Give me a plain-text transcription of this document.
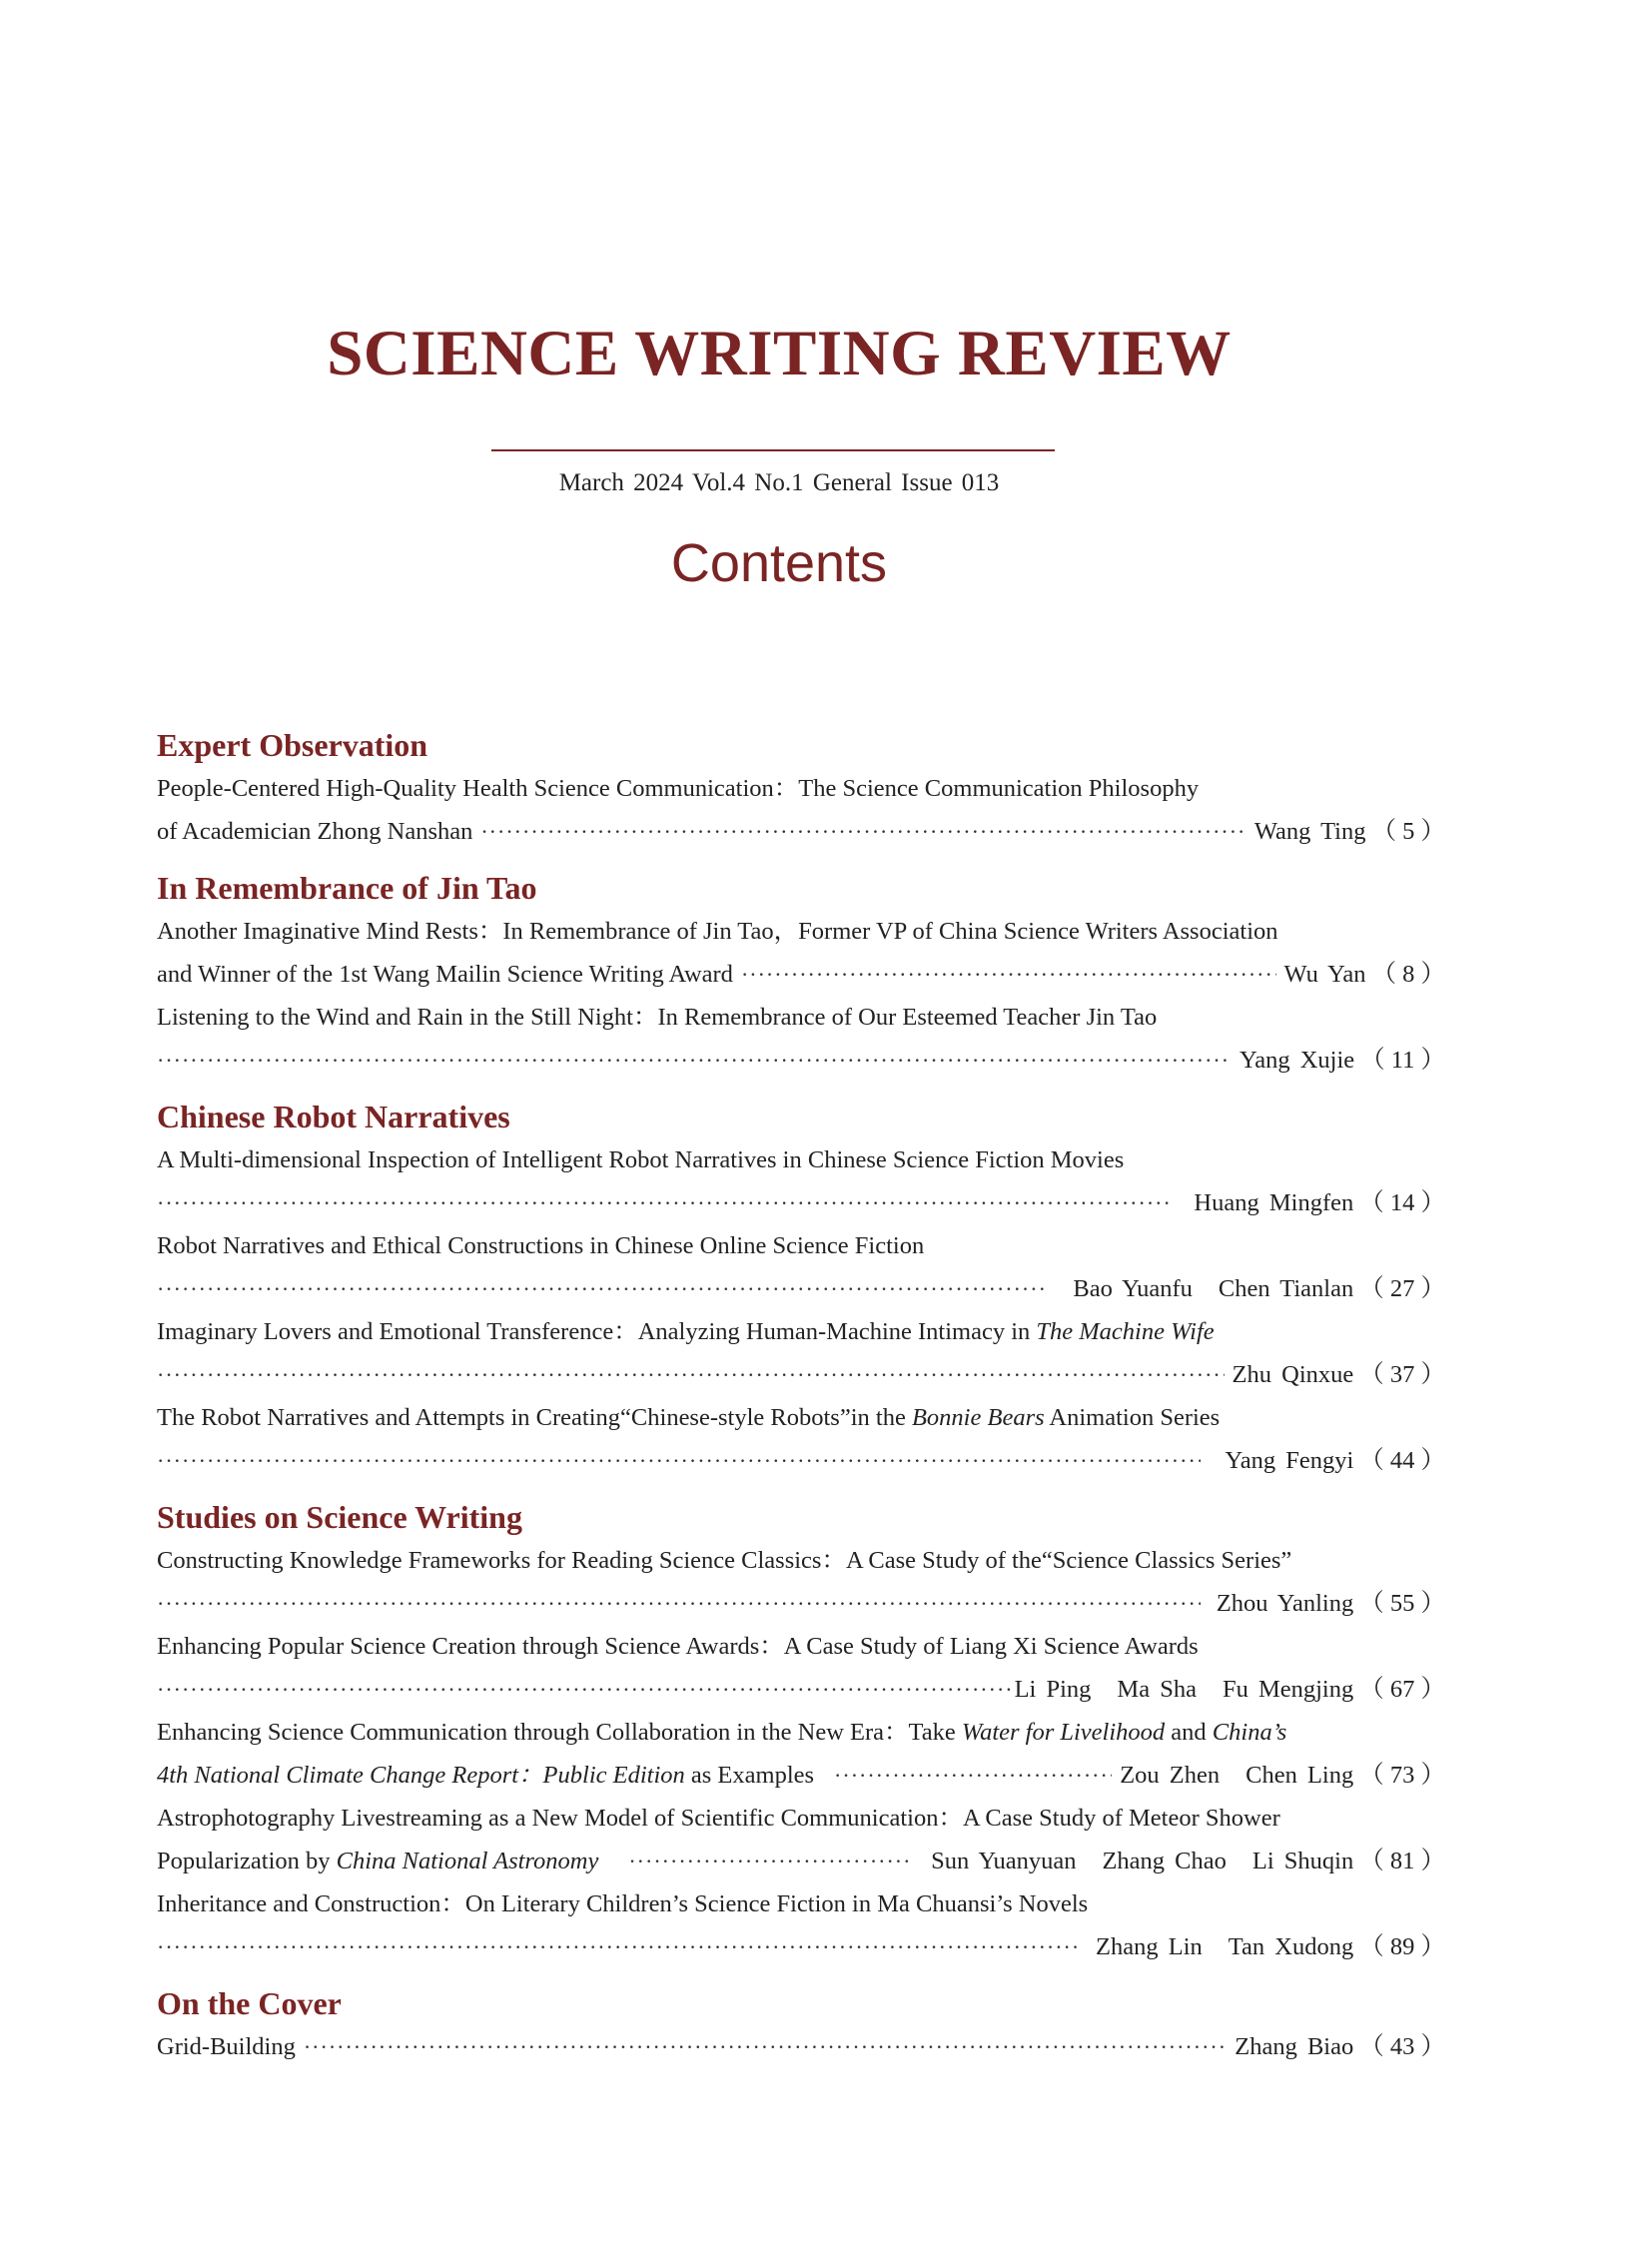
SCIENCE WRITING REVIEW
March 2024 Vol.4 No.1 General Issue 013
Contents
Expert Observation
People-Centered High-Quality Health Science Communication：The Science Communication Philosophy
of Academician Zhong Nanshan ·····	Wang Ting （ 5 ）
In Remembrance of Jin Tao
Another Imaginative Mind Rests：In Remembrance of Jin Tao，Former VP of China Science Writers Association
and Winner of the 1st Wang Mailin Science Writing Award ·····	Wu Yan （ 8 ）
Listening to the Wind and Rain in the Still Night：In Remembrance of Our Esteemed Teacher Jin Tao
·····
Yang Xujie （ 11 ）
Chinese Robot Narratives
A Multi-dimensional Inspection of Intelligent Robot Narratives in Chinese Science Fiction Movies
·····
Huang Mingfen （ 14 ）
Robot Narratives and Ethical Constructions in Chinese Online Science Fiction
·····
Bao Yuanfu Chen Tianlan （ 27 ）
Imaginary Lovers and Emotional Transference：Analyzing Human-Machine Intimacy in The Machine Wife
·····
Zhu Qinxue （ 37 ）
The Robot Narratives and Attempts in Creating“Chinese-style Robots”in the Bonnie Bears Animation Series
·····
Yang Fengyi （ 44 ）
Studies on Science Writing
Constructing Knowledge Frameworks for Reading Science Classics：A Case Study of the“Science Classics Series”
·····
Zhou Yanling （ 55 ）
Enhancing Popular Science Creation through Science Awards：A Case Study of Liang Xi Science Awards
·····
Li Ping Ma Sha Fu Mengjing （ 67 ）
Enhancing Science Communication through Collaboration in the New Era：Take Water for Livelihood and China’s
4th National Climate Change Report：Public Edition as Examples ·····	Zou Zhen Chen Ling （ 73 ）
Astrophotography Livestreaming as a New Model of Scientific Communication：A Case Study of Meteor Shower
Popularization by China National Astronomy ·····	Sun Yuanyuan Zhang Chao Li Shuqin （ 81 ）
Inheritance and Construction：On Literary Children’s Science Fiction in Ma Chuansi’s Novels
·····
Zhang Lin Tan Xudong （ 89 ）
On the Cover
Grid-Building ·····	Zhang Biao （ 43 ）
